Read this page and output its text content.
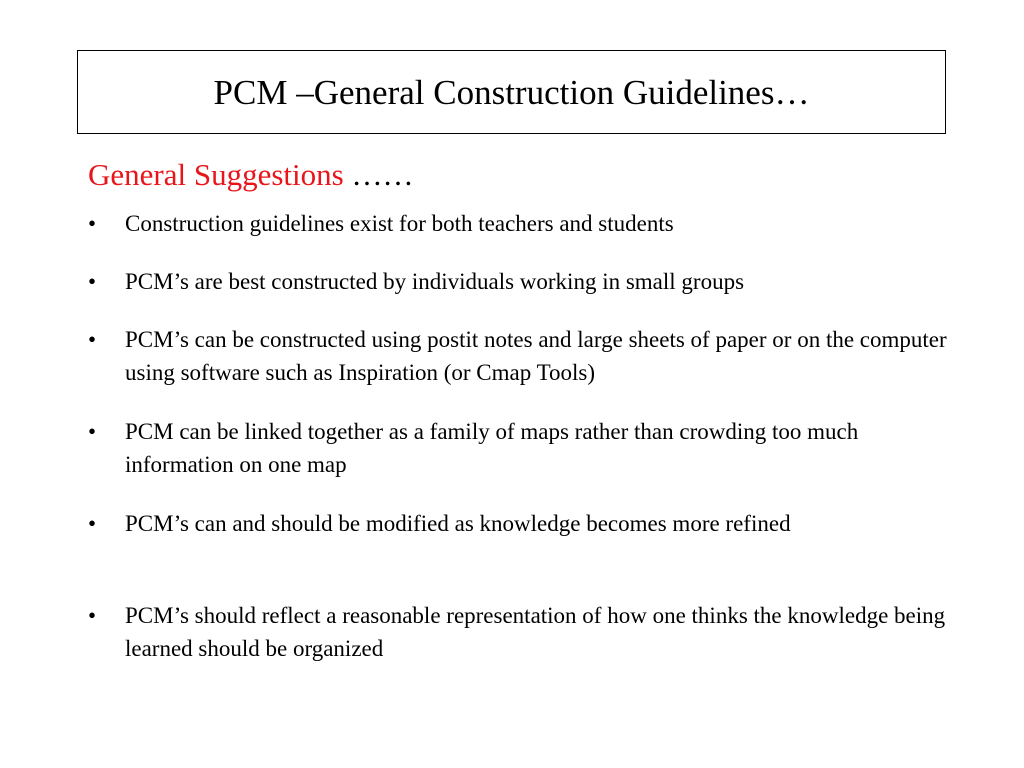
PCM –General Construction Guidelines…
General Suggestions ……
•	Construction guidelines exist for both teachers and students
•	PCM’s are best constructed by individuals working in small groups
•	PCM’s can be constructed using postit notes and large sheets of paper or on the computer using software such as Inspiration (or Cmap Tools)
•	PCM can be linked together as a family of maps rather than crowding too much information on one map
•	PCM’s can and should be modified as knowledge becomes more refined
•	PCM’s should reflect a reasonable representation of how one thinks the knowledge being learned should be organized
